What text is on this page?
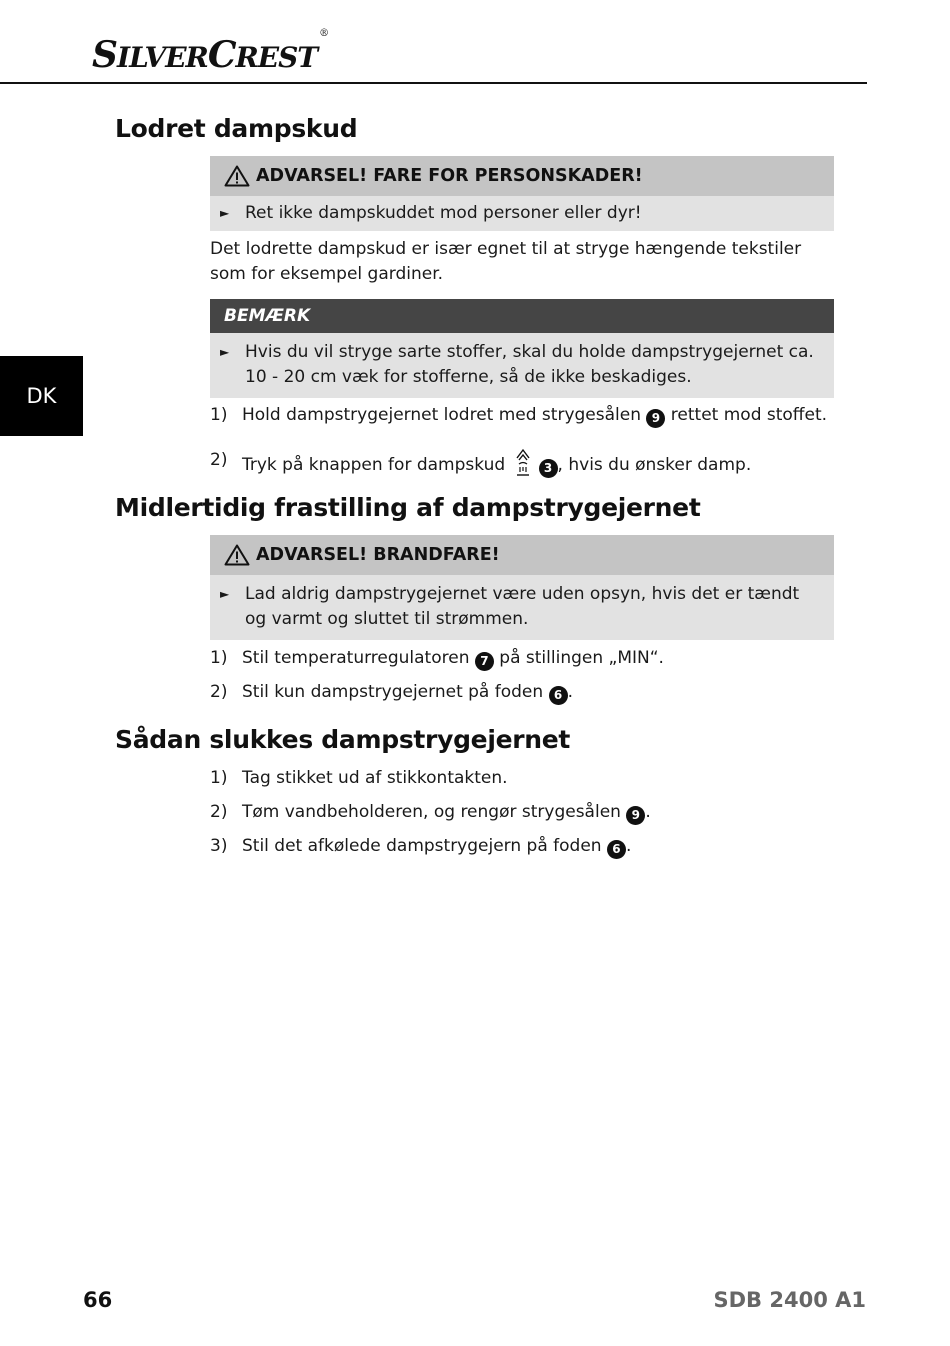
SILVERCREST®
DK
Lodret dampskud
ADVARSEL! FARE FOR PERSONSKADER!
► Ret ikke dampskuddet mod personer eller dyr!

Det lodrette dampskud er især egnet til at stryge hængende tekstiler som for eksempel gardiner.

BEMÆRK
► Hvis du vil stryge sarte stoffer, skal du holde dampstrygejernet ca. 10 - 20 cm væk for stofferne, så de ikke beskadiges.
1) Hold dampstrygejernet lodret med strygesålen 9 rettet mod stoffet.
2) Tryk på knappen for dampskud	3 , hvis du ønsker damp.
Midlertidig frastilling af dampstrygejernet
ADVARSEL! BRANDFARE!
► Lad aldrig dampstrygejernet være uden opsyn, hvis det er tændt og varmt og sluttet til strømmen.
1) Stil temperaturregulatoren 7 på stillingen „MIN“.
2) Stil kun dampstrygejernet på foden 6 .
Sådan slukkes dampstrygejernet
1) Tag stikket ud af stikkontakten.
2) Tøm vandbeholderen, og rengør strygesålen 9 .
3) Stil det afkølede dampstrygejern på foden 6 .
66	SDB 2400 A1
